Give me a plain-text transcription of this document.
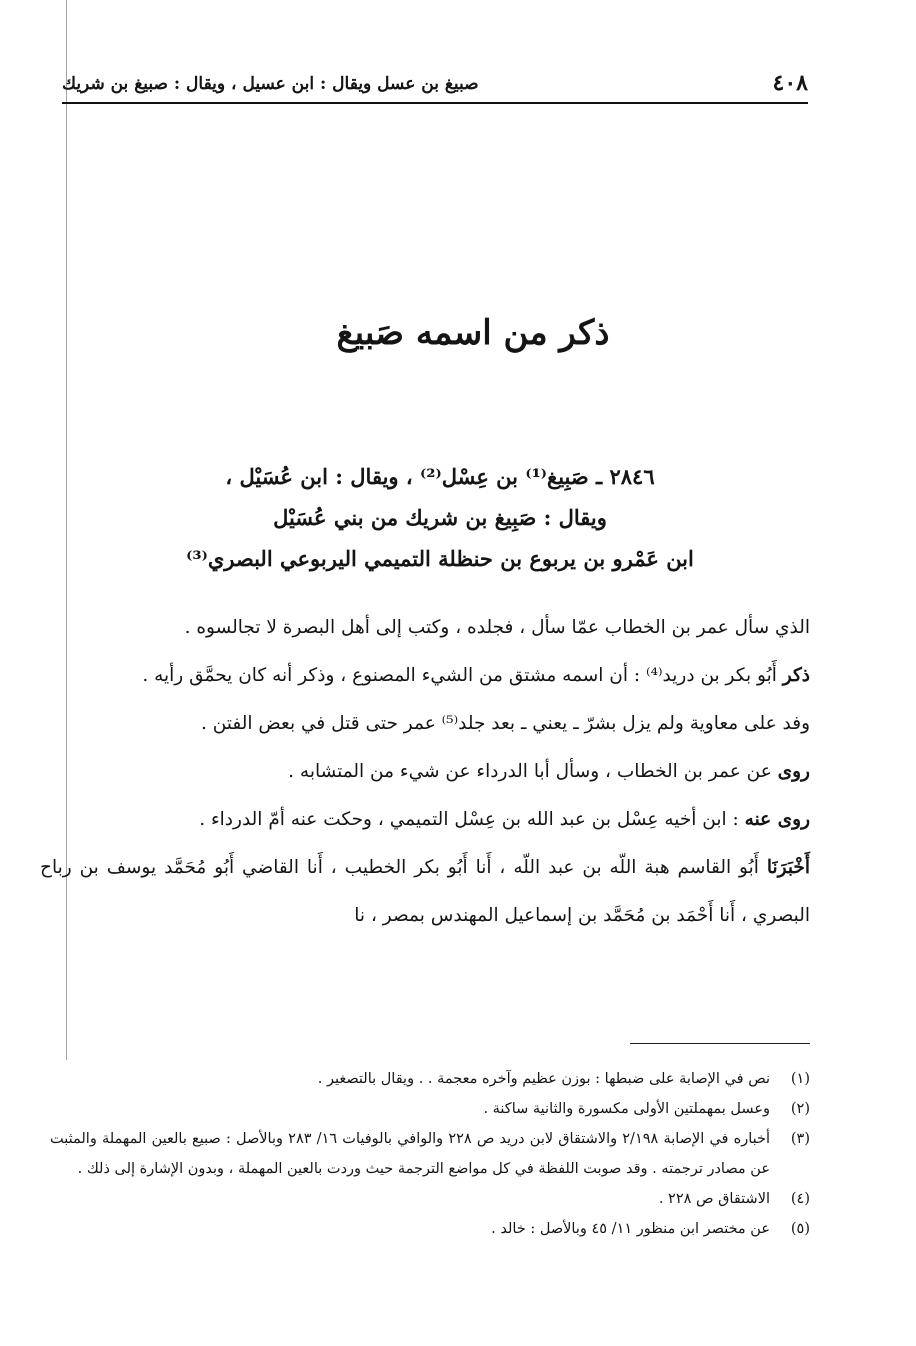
٤٠٨
صبيغ بن عسل ويقال : ابن عسيل ، ويقال : صبيغ بن شريك
ذكر من اسمه صَبيغ
٢٨٤٦ ـ صَبِيغ⁽¹⁾ بن عِسْل⁽²⁾ ، ويقال : ابن عُسَيْل ،
ويقال : صَبِيغ بن شريك من بني عُسَيْل
ابن عَمْرو بن يربوع بن حنظلة التميمي اليربوعي البصري⁽³⁾

الذي سأل عمر بن الخطاب عمّا سأل ، فجلده ، وكتب إلى أهل البصرة لا تجالسوه .

ذكر أَبُو بكر بن دريد⁽⁴⁾ : أن اسمه مشتق من الشيء المصنوع ، وذكر أنه كان يحمَّق رأيه .

وفد على معاوية ولم يزل بشرّ ـ يعني ـ بعد جلد⁽⁵⁾ عمر حتى قتل في بعض الفتن .

روى عن عمر بن الخطاب ، وسأل أبا الدرداء عن شيء من المتشابه .

روى عنه : ابن أخيه عِسْل بن عبد الله بن عِسْل التميمي ، وحكت عنه أمّ الدرداء .

أَخْبَرَنَا أَبُو القاسم هبة اللّه بن عبد اللّه ، أَنا أَبُو بكر الخطيب ، أَنا القاضي أَبُو مُحَمَّد يوسف بن رباح البصري ، أَنا أَحْمَد بن مُحَمَّد بن إسماعيل المهندس بمصر ، نا

(١)
نص في الإصابة على ضبطها : بوزن عظيم وآخره معجمة . . ويقال بالتصغير .
(٢)
وعسل بمهملتين الأولى مكسورة والثانية ساكنة .
(٣)
أخباره في الإصابة ٢/١٩٨ والاشتقاق لابن دريد ص ٢٢٨ والوافي بالوفيات ١٦/ ٢٨٣ وبالأصل : صبيع بالعين المهملة والمثبت عن مصادر ترجمته . وقد صوبت اللفظة في كل مواضع الترجمة حيث وردت بالعين المهملة ، وبدون الإشارة إلى ذلك .
(٤)
الاشتقاق ص ٢٢٨ .
(٥)
عن مختصر ابن منظور ١١/ ٤٥ وبالأصل : خالد .
